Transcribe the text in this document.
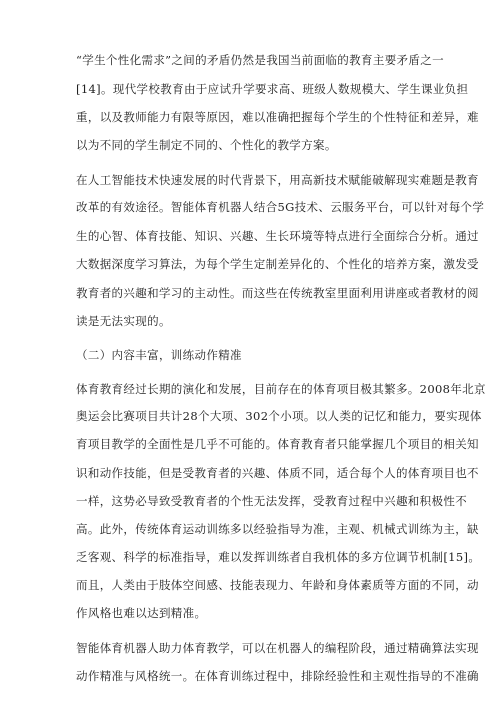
“学生个性化需求”之间的矛盾仍然是我国当前面临的教育主要矛盾之一
[14]。现代学校教育由于应试升学要求高、班级人数规模大、学生课业负担
重，以及教师能力有限等原因，难以准确把握每个学生的个性特征和差异，难
以为不同的学生制定不同的、个性化的教学方案。
在人工智能技术快速发展的时代背景下，用高新技术赋能破解现实难题是教育
改革的有效途径。智能体育机器人结合5G技术、云服务平台，可以针对每个学
生的心智、体育技能、知识、兴趣、生长环境等特点进行全面综合分析。通过
大数据深度学习算法，为每个学生定制差异化的、个性化的培养方案，激发受
教育者的兴趣和学习的主动性。而这些在传统教室里面利用讲座或者教材的阅
读是无法实现的。
（二）内容丰富，训练动作精准
体育教育经过长期的演化和发展，目前存在的体育项目极其繁多。2008年北京
奥运会比赛项目共计28个大项、302个小项。以人类的记忆和能力，要实现体
育项目教学的全面性是几乎不可能的。体育教育者只能掌握几个项目的相关知
识和动作技能，但是受教育者的兴趣、体质不同，适合每个人的体育项目也不
一样，这势必导致受教育者的个性无法发挥，受教育过程中兴趣和积极性不
高。此外，传统体育运动训练多以经验指导为准，主观、机械式训练为主，缺
乏客观、科学的标准指导，难以发挥训练者自我机体的多方位调节机制[15]。
而且，人类由于肢体空间感、技能表现力、年龄和身体素质等方面的不同，动
作风格也难以达到精准。
智能体育机器人助力体育教学，可以在机器人的编程阶段，通过精确算法实现
动作精准与风格统一。在体育训练过程中，排除经验性和主观性指导的不准确
